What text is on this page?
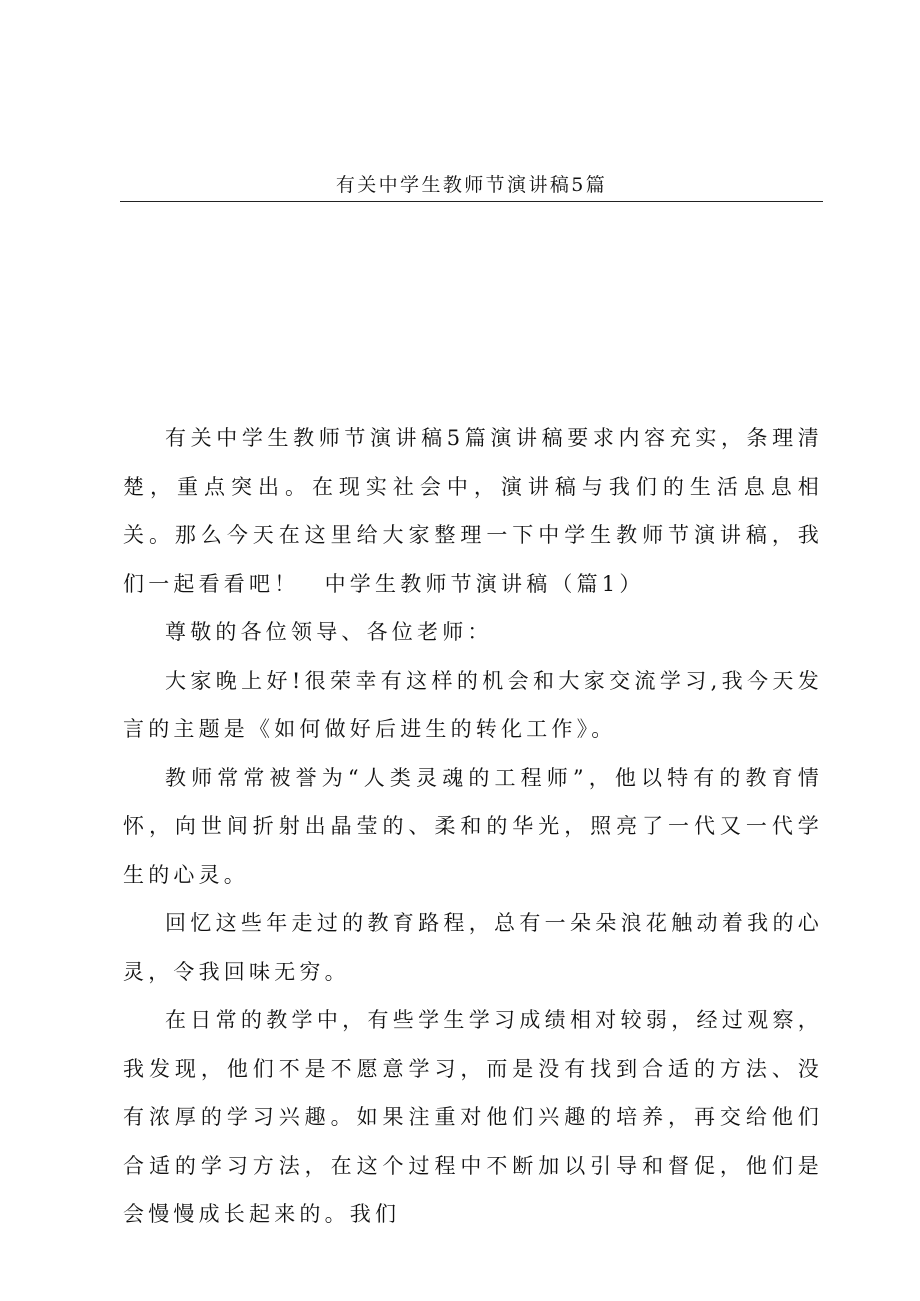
有关中学生教师节演讲稿5篇

有关中学生教师节演讲稿5篇演讲稿要求内容充实，条理清楚，重点突出。在现实社会中，演讲稿与我们的生活息息相关。那么今天在这里给大家整理一下中学生教师节演讲稿，我们一起看看吧！　中学生教师节演讲稿（篇1）

尊敬的各位领导、各位老师：

大家晚上好!很荣幸有这样的机会和大家交流学习,我今天发言的主题是《如何做好后进生的转化工作》。

教师常常被誉为“人类灵魂的工程师”，他以特有的教育情怀，向世间折射出晶莹的、柔和的华光，照亮了一代又一代学生的心灵。

回忆这些年走过的教育路程，总有一朵朵浪花触动着我的心灵，令我回味无穷。

在日常的教学中，有些学生学习成绩相对较弱，经过观察，我发现，他们不是不愿意学习，而是没有找到合适的方法、没有浓厚的学习兴趣。如果注重对他们兴趣的培养，再交给他们合适的学习方法，在这个过程中不断加以引导和督促，他们是会慢慢成长起来的。我们
